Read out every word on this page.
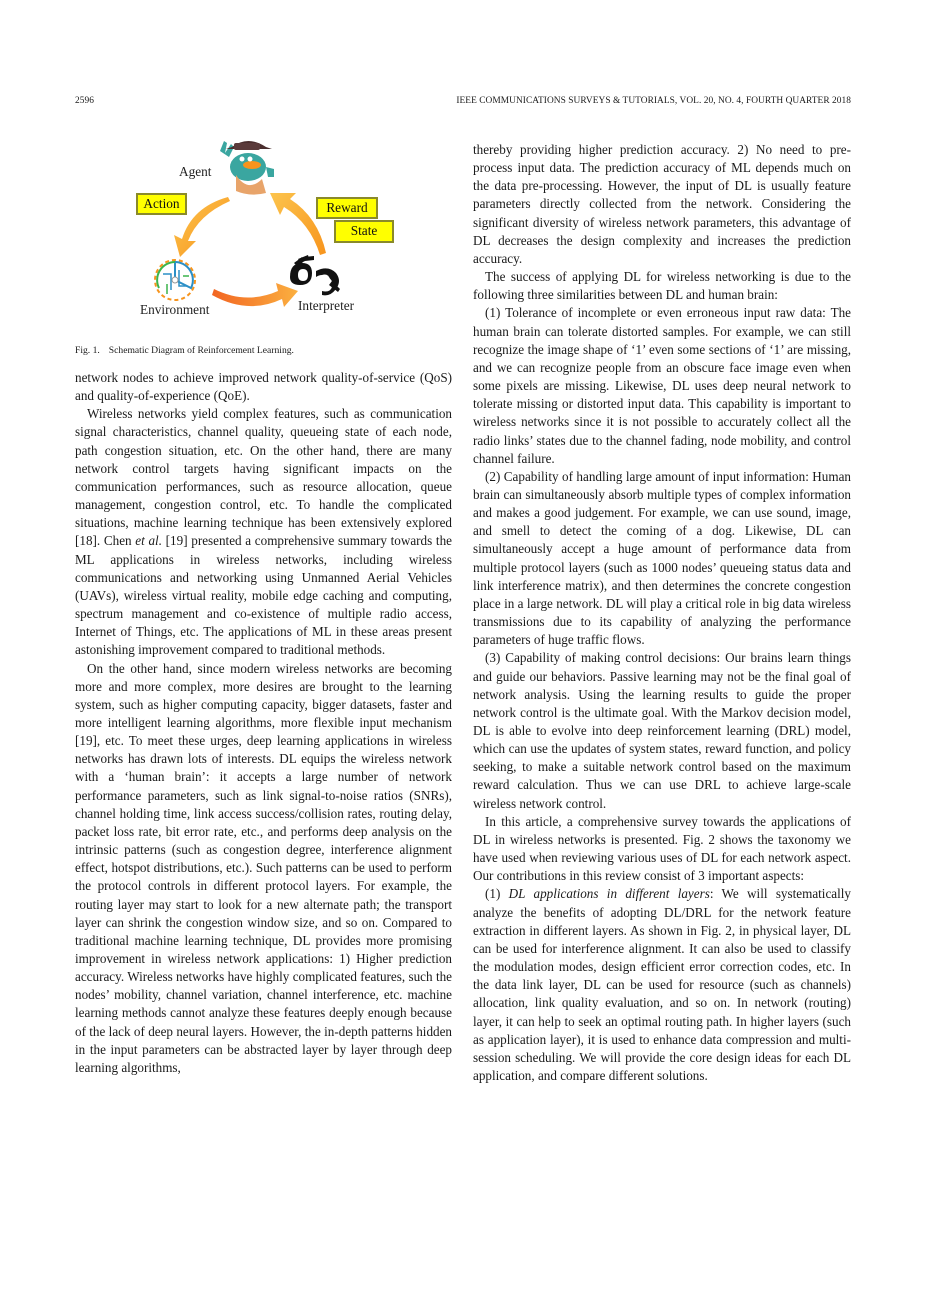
2596	IEEE COMMUNICATIONS SURVEYS & TUTORIALS, VOL. 20, NO. 4, FOURTH QUARTER 2018
Agent
Environment	Interpreter
Action	Reward
State
Fig. 1. Schematic Diagram of Reinforcement Learning.

network nodes to achieve improved network quality-of-service (QoS) and quality-of-experience (QoE).

Wireless networks yield complex features, such as communication signal characteristics, channel quality, queueing state of each node, path congestion situation, etc. On the other hand, there are many network control targets having significant impacts on the communication performances, such as resource allocation, queue management, congestion control, etc. To handle the complicated situations, machine learning technique has been extensively explored [18]. Chen et al. [19] presented a comprehensive summary towards the ML applications in wireless networks, including wireless communications and networking using Unmanned Aerial Vehicles (UAVs), wireless virtual reality, mobile edge caching and computing, spectrum management and co-existence of multiple radio access, Internet of Things, etc. The applications of ML in these areas present astonishing improvement compared to traditional methods.

On the other hand, since modern wireless networks are becoming more and more complex, more desires are brought to the learning system, such as higher computing capacity, bigger datasets, faster and more intelligent learning algorithms, more flexible input mechanism [19], etc. To meet these urges, deep learning applications in wireless networks has drawn lots of interests. DL equips the wireless network with a ‘human brain’: it accepts a large number of network performance parameters, such as link signal-to-noise ratios (SNRs), channel holding time, link access success/collision rates, routing delay, packet loss rate, bit error rate, etc., and performs deep analysis on the intrinsic patterns (such as congestion degree, interference alignment effect, hotspot distributions, etc.). Such patterns can be used to perform the protocol controls in different protocol layers. For example, the routing layer may start to look for a new alternate path; the transport layer can shrink the congestion window size, and so on. Compared to traditional machine learning technique, DL provides more promising improvement in wireless network applications: 1) Higher prediction accuracy. Wireless networks have highly complicated features, such the nodes’ mobility, channel variation, channel interference, etc. machine learning methods cannot analyze these features deeply enough because of the lack of deep neural layers. However, the in-depth patterns hidden in the input parameters can be abstracted layer by layer through deep learning algorithms,

thereby providing higher prediction accuracy. 2) No need to pre-process input data. The prediction accuracy of ML depends much on the data pre-processing. However, the input of DL is usually feature parameters directly collected from the network. Considering the significant diversity of wireless network parameters, this advantage of DL decreases the design complexity and increases the prediction accuracy.

The success of applying DL for wireless networking is due to the following three similarities between DL and human brain:

(1) Tolerance of incomplete or even erroneous input raw data: The human brain can tolerate distorted samples. For example, we can still recognize the image shape of ‘1’ even some sections of ‘1’ are missing, and we can recognize people from an obscure face image even when some pixels are missing. Likewise, DL uses deep neural network to tolerate missing or distorted input data. This capability is important to wireless networks since it is not possible to accurately collect all the radio links’ states due to the channel fading, node mobility, and control channel failure.

(2) Capability of handling large amount of input information: Human brain can simultaneously absorb multiple types of complex information and makes a good judgement. For example, we can use sound, image, and smell to detect the coming of a dog. Likewise, DL can simultaneously accept a huge amount of performance data from multiple protocol layers (such as 1000 nodes’ queueing status data and link interference matrix), and then determines the concrete congestion place in a large network. DL will play a critical role in big data wireless transmissions due to its capability of analyzing the performance parameters of huge traffic flows.

(3) Capability of making control decisions: Our brains learn things and guide our behaviors. Passive learning may not be the final goal of network analysis. Using the learning results to guide the proper network control is the ultimate goal. With the Markov decision model, DL is able to evolve into deep reinforcement learning (DRL) model, which can use the updates of system states, reward function, and policy seeking, to make a suitable network control based on the maximum reward calculation. Thus we can use DRL to achieve large-scale wireless network control.

In this article, a comprehensive survey towards the applications of DL in wireless networks is presented. Fig. 2 shows the taxonomy we have used when reviewing various uses of DL for each network aspect. Our contributions in this review consist of 3 important aspects:

(1) DL applications in different layers: We will systematically analyze the benefits of adopting DL/DRL for the network feature extraction in different layers. As shown in Fig. 2, in physical layer, DL can be used for interference alignment. It can also be used to classify the modulation modes, design efficient error correction codes, etc. In the data link layer, DL can be used for resource (such as channels) allocation, link quality evaluation, and so on. In network (routing) layer, it can help to seek an optimal routing path. In higher layers (such as application layer), it is used to enhance data compression and multi-session scheduling. We will provide the core design ideas for each DL application, and compare different solutions.
